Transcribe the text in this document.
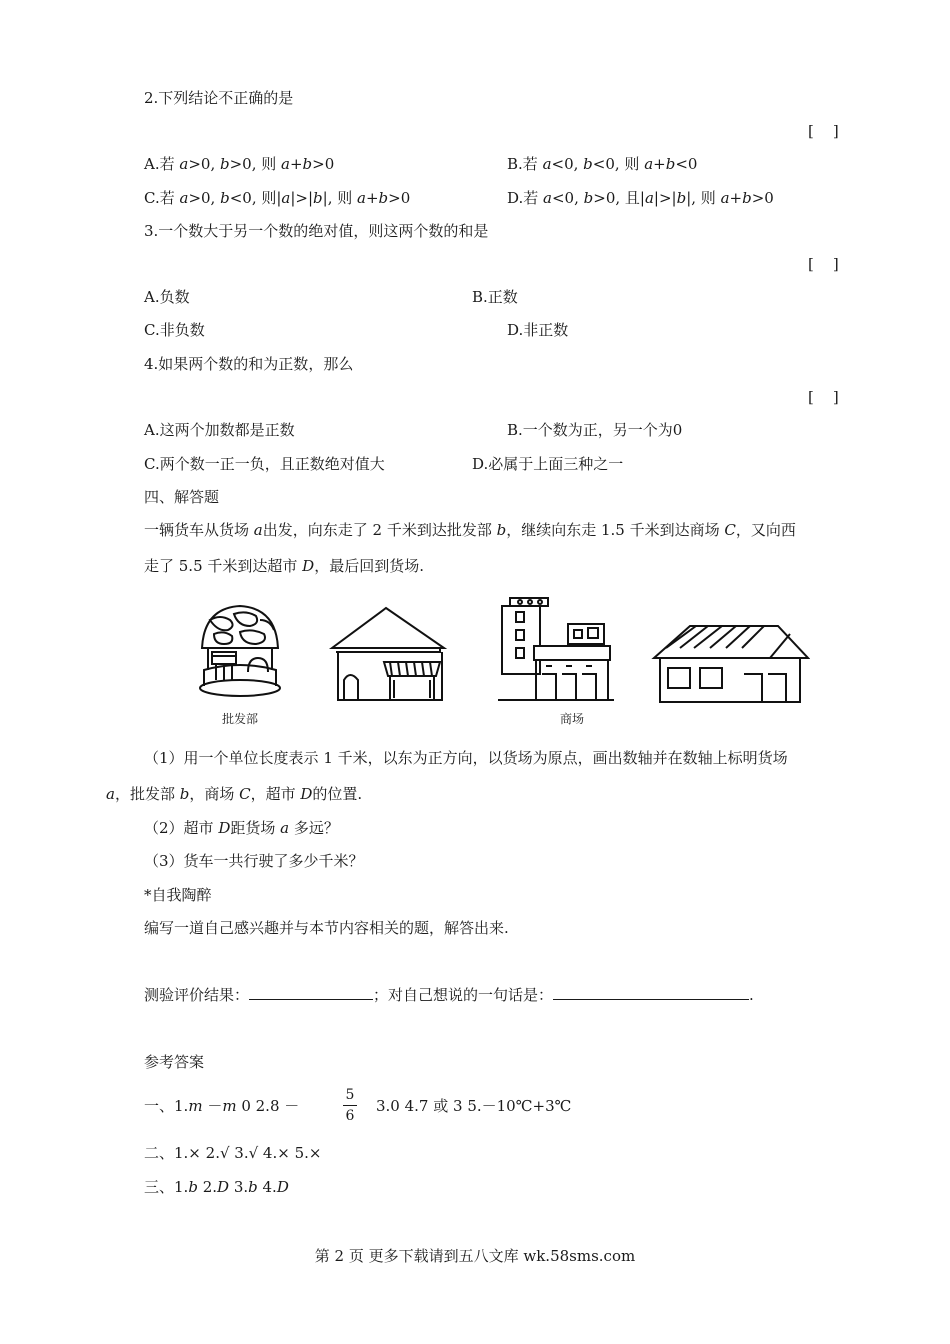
2.下列结论不正确的是
[    ]
A.若 a>0, b>0, 则 a+b>0	B.若 a<0, b<0, 则 a+b<0
C.若 a>0, b<0, 则|a|>|b|, 则 a+b>0	D.若 a<0, b>0, 且|a|>|b|, 则 a+b>0
3.一个数大于另一个数的绝对值，则这两个数的和是
[    ]
A.负数	B.正数
C.非负数	D.非正数
4.如果两个数的和为正数，那么
[    ]
A.这两个加数都是正数	B.一个数为正，另一个为0
C.两个数一正一负，且正数绝对值大	D.必属于上面三种之一
四、解答题
一辆货车从货场 a出发，向东走了 2 千米到达批发部 b，继续向东走 1.5 千米到达商场 C，又向西
走了 5.5 千米到达超市 D，最后回到货场.
批发部	商场
（1）用一个单位长度表示 1 千米，以东为正方向，以货场为原点，画出数轴并在数轴上标明货场
a，批发部 b，商场 C，超市 D的位置.
（2）超市 D距货场 a 多远？
（3）货车一共行驶了多少千米？
*自我陶醉
编写一道自己感兴趣并与本节内容相关的题，解答出来.
测验评价结果：	；对自己想说的一句话是：	.
参考答案
一、1.m －m 0 2.8 －
5
6
3.0 4.7 或 3 5.－10℃+3℃
二、1.× 2.√ 3.√ 4.× 5.×
三、1.b 2.D 3.b 4.D
第 2 页 更多下载请到五八文库 wk.58sms.com
